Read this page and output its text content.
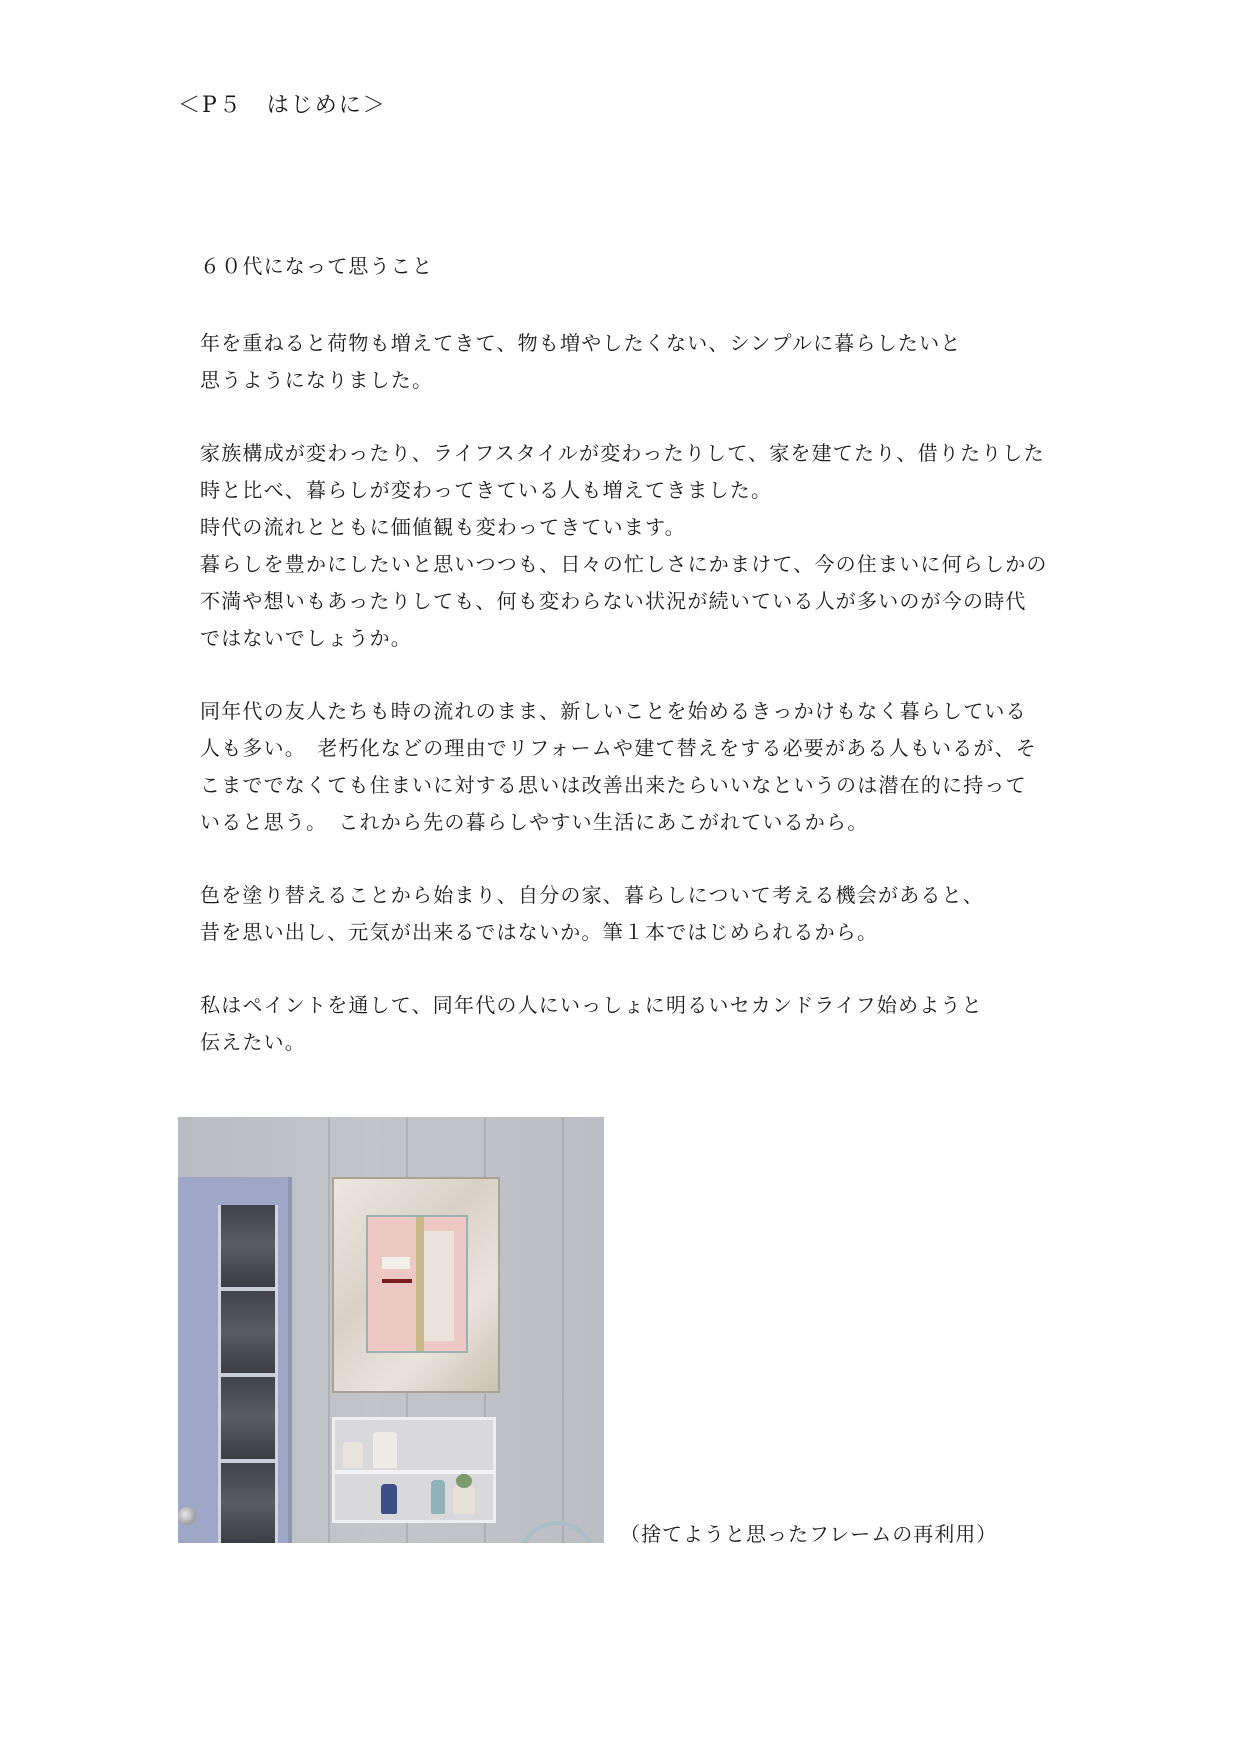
＜P５　はじめに＞

６０代になって思うこと

年を重ねると荷物も増えてきて、物も増やしたくない、シンプルに暮らしたいと
思うようになりました。

家族構成が変わったり、ライフスタイルが変わったりして、家を建てたり、借りたりした
時と比べ、暮らしが変わってきている人も増えてきました。
時代の流れとともに価値観も変わってきています。
暮らしを豊かにしたいと思いつつも、日々の忙しさにかまけて、今の住まいに何らしかの
不満や想いもあったりしても、何も変わらない状況が続いている人が多いのが今の時代
ではないでしょうか。

同年代の友人たちも時の流れのまま、新しいことを始めるきっかけもなく暮らしている
人も多い。　老朽化などの理由でリフォームや建て替えをする必要がある人もいるが、そ
こまででなくても住まいに対する思いは改善出来たらいいなというのは潜在的に持って
いると思う。　これから先の暮らしやすい生活にあこがれているから。

色を塗り替えることから始まり、自分の家、暮らしについて考える機会があると、
昔を思い出し、元気が出来るではないか。筆１本ではじめられるから。

私はペイントを通して、同年代の人にいっしょに明るいセカンドライフ始めようと
伝えたい。

（捨てようと思ったフレームの再利用）
